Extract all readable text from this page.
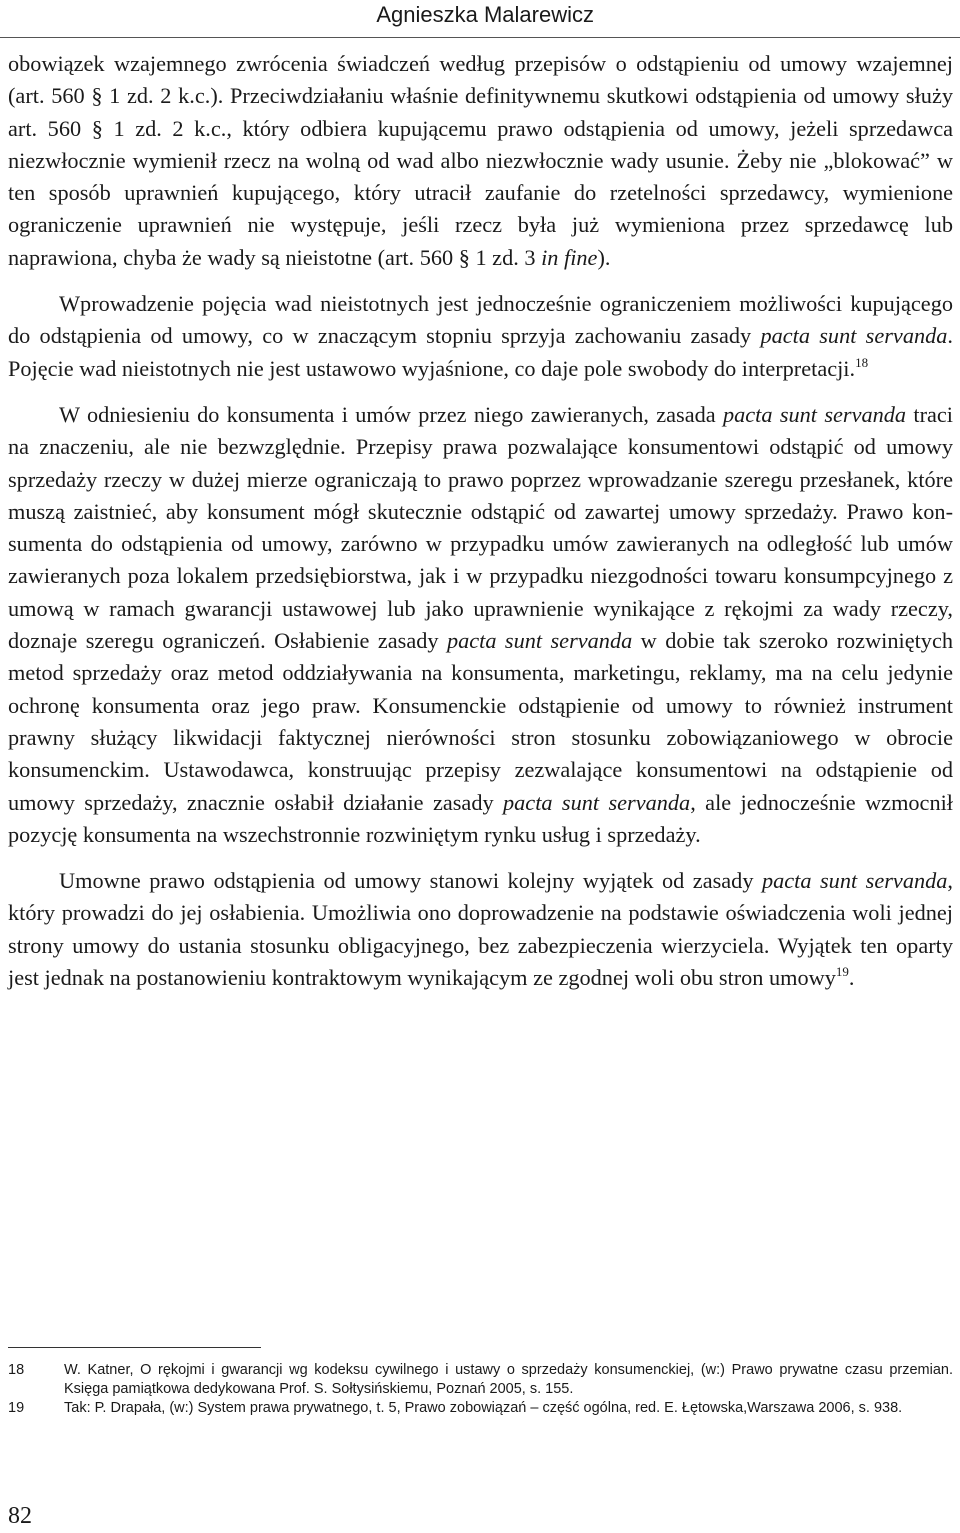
Agnieszka Malarewicz

obowiązek wzajemnego zwrócenia świadczeń według przepisów o odstąpieniu od umowy wzajemnej (art. 560 § 1 zd. 2 k.c.). Przeciwdziałaniu właśnie definitywnemu skutkowi odstąpienia od umowy służy art. 560 § 1 zd. 2 k.c., który odbiera kupującemu prawo odstąpienia od umowy, jeżeli sprzedawca niezwłocznie wymienił rzecz na wolną od wad albo niezwłocznie wady usunie. Żeby nie „blokować” w ten sposób uprawnień kupującego, który utracił zaufanie do rzetelności sprzedawcy, wymienione ograniczenie uprawnień nie występuje, jeśli rzecz była już wymieniona przez sprzedawcę lub naprawiona, chyba że wady są nieistotne (art. 560 § 1 zd. 3 in fine).

Wprowadzenie pojęcia wad nieistotnych jest jednocześnie ograniczeniem możliwości kupującego do odstąpienia od umowy, co w znaczącym stopniu sprzyja zachowaniu zasady pacta sunt servanda. Pojęcie wad nieistotnych nie jest ustawowo wyjaśnione, co daje pole swobody do interpretacji.$^{18}$

W odniesieniu do konsumenta i umów przez niego zawieranych, zasada pacta sunt servanda traci na znaczeniu, ale nie bezwzględnie. Przepisy prawa pozwalające konsumentowi odstąpić od umowy sprzedaży rzeczy w dużej mierze ograniczają to prawo poprzez wprowadzanie szeregu przesłanek, które muszą zaistnieć, aby konsument mógł skutecznie odstąpić od zawartej umowy sprzedaży. Prawo konsumenta do odstąpienia od umowy, zarówno w przypadku umów zawieranych na odległość lub umów zawieranych poza lokalem przedsiębiorstwa, jak i w przypadku niezgodności towaru konsumpcyjnego z umową w ramach gwarancji ustawowej lub jako uprawnienie wynikające z rękojmi za wady rzeczy, doznaje szeregu ograniczeń. Osłabienie zasady pacta sunt servanda w dobie tak szeroko rozwiniętych metod sprzedaży oraz metod oddziaływania na konsumenta, marketingu, reklamy, ma na celu jedynie ochronę konsumenta oraz jego praw. Konsumenckie odstąpienie od umowy to również instrument prawny służący likwidacji faktycznej nierówności stron stosunku zobowiązaniowego w obrocie konsumenckim. Ustawodawca, konstruując przepisy zezwalające konsumentowi na odstąpienie od umowy sprzedaży, znacznie osłabił działanie zasady pacta sunt servanda, ale jednocześnie wzmocnił pozycję konsumenta na wszechstronnie rozwiniętym rynku usług i sprzedaży.

Umowne prawo odstąpienia od umowy stanowi kolejny wyjątek od zasady pacta sunt servanda, który prowadzi do jej osłabienia. Umożliwia ono doprowadzenie na podstawie oświadczenia woli jednej strony umowy do ustania stosunku obligacyjnego, bez zabezpieczenia wierzyciela. Wyjątek ten oparty jest jednak na postanowieniu kontraktowym wynikającym ze zgodnej woli obu stron umowy$^{19}$.

18	W. Katner, O rękojmi i gwarancji wg kodeksu cywilnego i ustawy o sprzedaży konsumenckiej, (w:) Prawo prywatne czasu przemian. Księga pamiątkowa dedykowana Prof. S. Sołtysińskiemu, Poznań 2005, s. 155.
19	Tak: P. Drapała, (w:) System prawa prywatnego, t. 5, Prawo zobowiązań – część ogólna, red. E. Łętowska,Warszawa 2006, s. 938.
82
